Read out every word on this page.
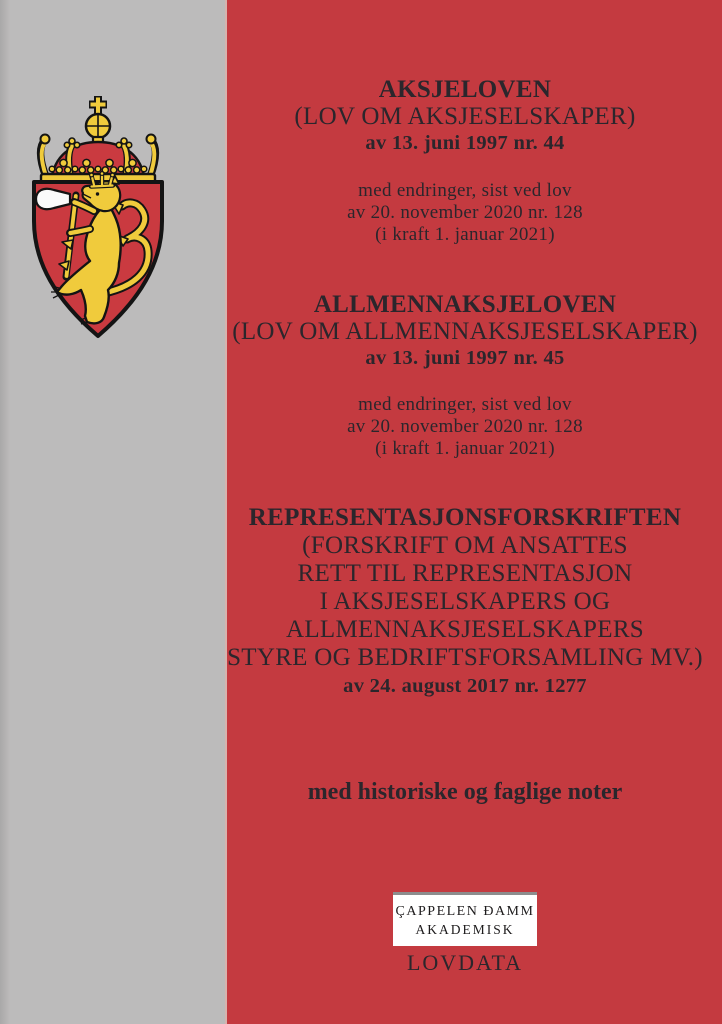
AKSJELOVEN
(LOV OM AKSJESELSKAPER)
av 13. juni 1997 nr. 44
med endringer, sist ved lov
av 20. november 2020 nr. 128
(i kraft 1. januar 2021)
ALLMENNAKSJELOVEN
(LOV OM ALLMENNAKSJESELSKAPER)
av 13. juni 1997 nr. 45
med endringer, sist ved lov
av 20. november 2020 nr. 128
(i kraft 1. januar 2021)
REPRESENTASJONSFORSKRIFTEN
(FORSKRIFT OM ANSATTES
RETT TIL REPRESENTASJON
I AKSJESELSKAPERS OG
ALLMENNAKSJESELSKAPERS
STYRE OG BEDRIFTSFORSAMLING MV.)
av 24. august 2017 nr. 1277
med historiske og faglige noter
ÇAPPELEN ĐAMM
AKADEMISK
LOVDATA
